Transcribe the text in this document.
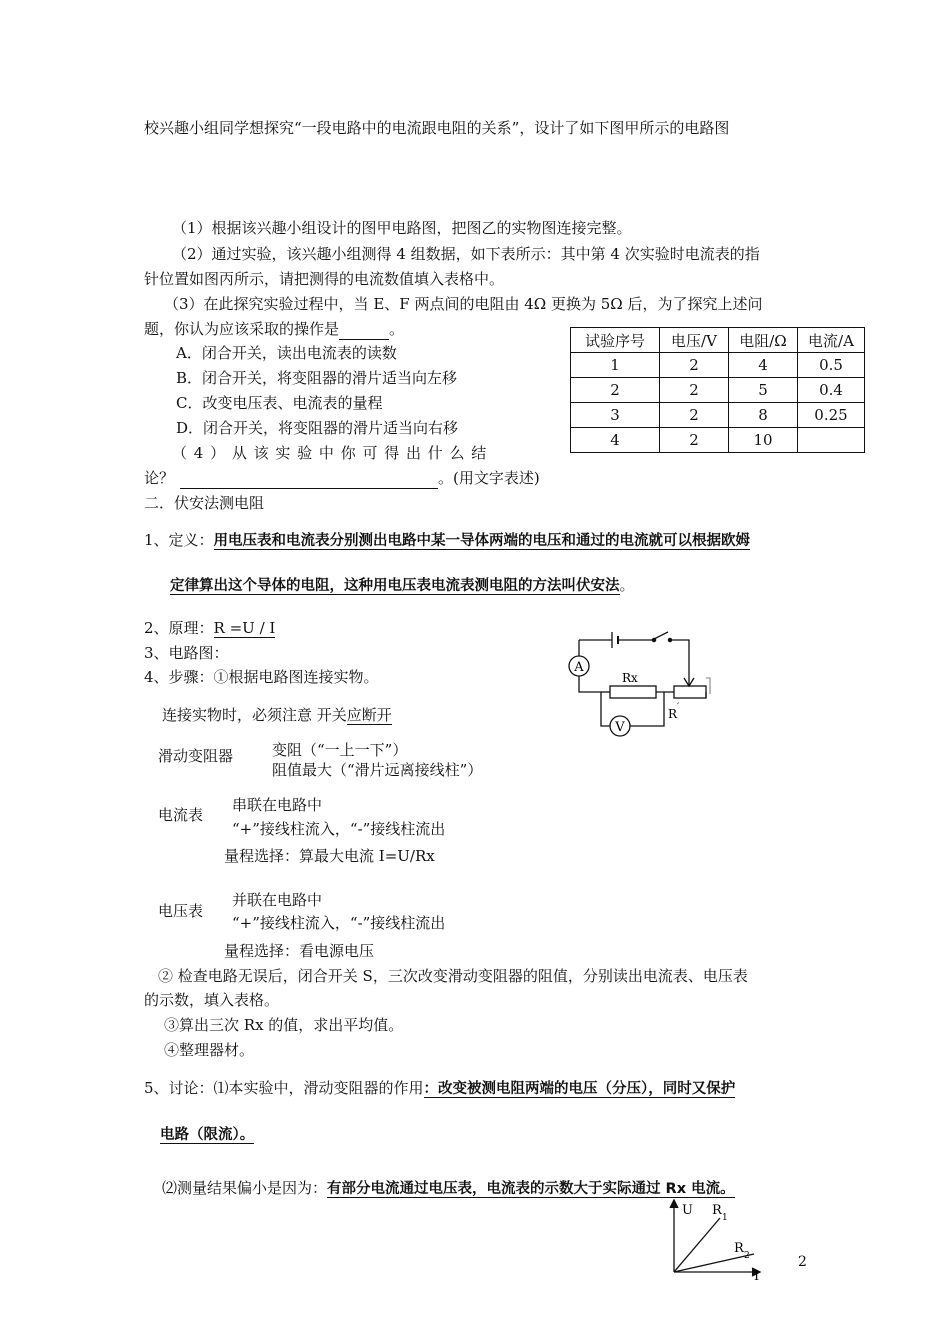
校兴趣小组同学想探究“一段电路中的电流跟电阻的关系”，设计了如下图甲所示的电路图
（1）根据该兴趣小组设计的图甲电路图，把图乙的实物图连接完整。
（2）通过实验，该兴趣小组测得 4 组数据，如下表所示：其中第 4 次实验时电流表的指
针位置如图丙所示，请把测得的电流数值填入表格中。
（3）在此探究实验过程中，当 E、F 两点间的电阻由 4Ω 更换为 5Ω 后，为了探究上述问
题，你认为应该采取的操作是	。
A．闭合开关，读出电流表的读数
B．闭合开关，将变阻器的滑片适当向左移
C．改变电压表、电流表的量程
D．闭合开关，将变阻器的滑片适当向右移
（ 4 ） 从 该 实 验 中 你 可 得 出 什 么 结
论？	。(用文字表述)
试验序号	电压/V	电阻/Ω	电流/A
1	2	4	0.5
2	2	5	0.4
3	2	8	0.25
4	2	10	
二．伏安法测电阻
1、定义：用电压表和电流表分别测出电路中某一导体两端的电压和通过的电流就可以根据欧姆
定律算出这个导体的电阻，这种用电压表电流表测电阻的方法叫伏安法。
2、原理：R =U / I
3、电路图：
4、步骤：①根据电路图连接实物。
连接实物时，必须注意 开关应断开
滑动变阻器	变阻（“一上一下”）
阻值最大（“滑片远离接线柱”）
电流表
串联在电路中
“+”接线柱流入，“-”接线柱流出
量程选择：算最大电流 I=U/Rx
电压表
并联在电路中
“+”接线柱流入，“-”接线柱流出
量程选择：看电源电压
② 检查电路无误后，闭合开关 S，三次改变滑动变阻器的阻值，分别读出电流表、电压表
的示数，填入表格。
③算出三次 Rx 的值，求出平均值。
④整理器材。
5、讨论：⑴本实验中，滑动变阻器的作用：改变被测电阻两端的电压（分压），同时又保护
电路（限流）。
⑵测量结果偏小是因为：有部分电流通过电压表，电流表的示数大于实际通过 Rx 电流。
A
V
Rx
R ′
U
I
R 1
R 2	2
